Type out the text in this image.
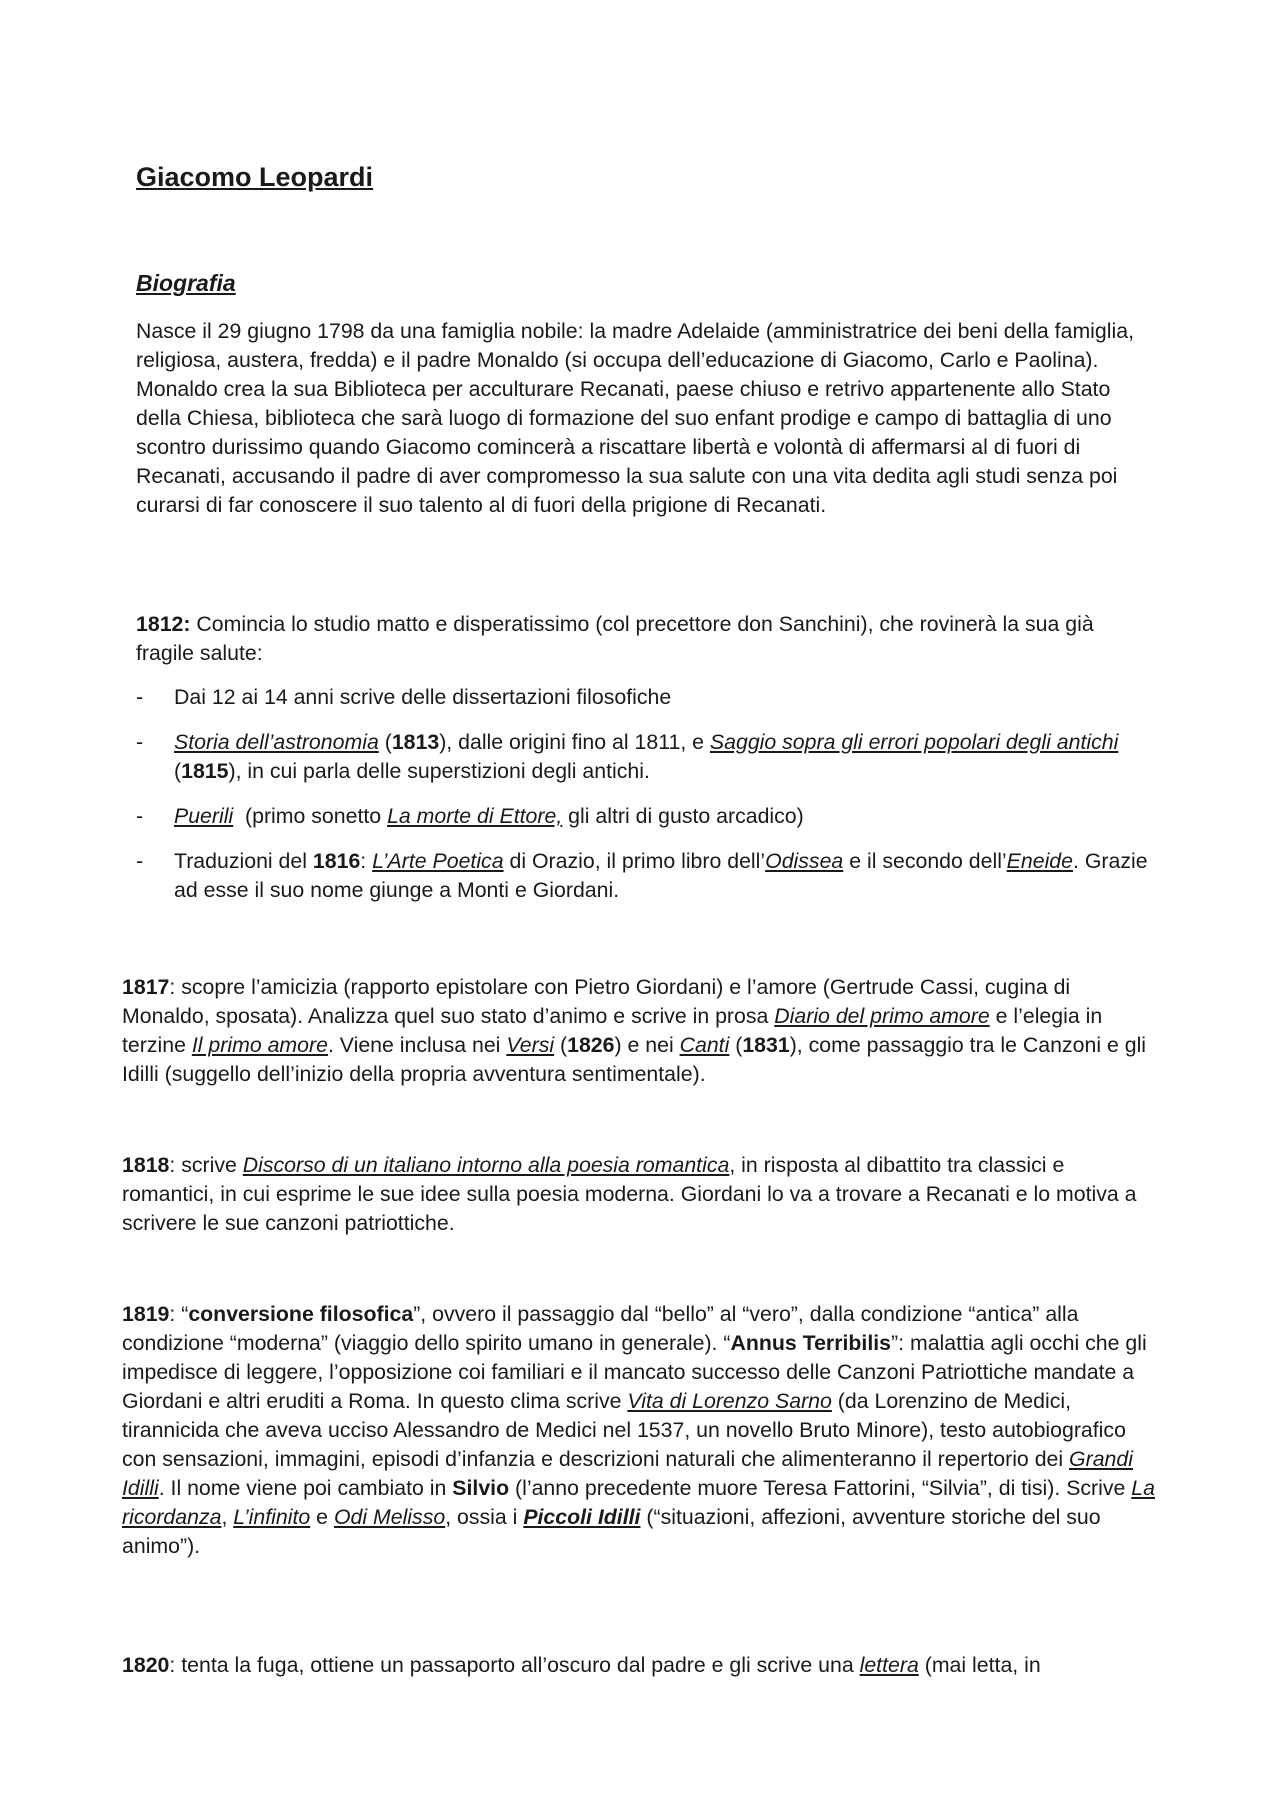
Giacomo Leopardi
Biografia

Nasce il 29 giugno 1798 da una famiglia nobile: la madre Adelaide (amministratrice dei beni della famiglia, religiosa, austera, fredda) e il padre Monaldo (si occupa dell’educazione di Giacomo, Carlo e Paolina). Monaldo crea la sua Biblioteca per acculturare Recanati, paese chiuso e retrivo appartenente allo Stato della Chiesa, biblioteca che sarà luogo di formazione del suo enfant prodige e campo di battaglia di uno scontro durissimo quando Giacomo comincerà a riscattare libertà e volontà di affermarsi al di fuori di Recanati, accusando il padre di aver compromesso la sua salute con una vita dedita agli studi senza poi curarsi di far conoscere il suo talento al di fuori della prigione di Recanati.

1812: Comincia lo studio matto e disperatissimo (col precettore don Sanchini), che rovinerà la sua già fragile salute:

- Dai 12 ai 14 anni scrive delle dissertazioni filosofiche
- Storia dell’astronomia (1813), dalle origini fino al 1811, e Saggio sopra gli errori popolari degli antichi (1815), in cui parla delle superstizioni degli antichi.
- Puerili  (primo sonetto La morte di Ettore, gli altri di gusto arcadico)
- Traduzioni del 1816: L’Arte Poetica di Orazio, il primo libro dell’Odissea e il secondo dell’Eneide. Grazie ad esse il suo nome giunge a Monti e Giordani.

1817: scopre l’amicizia (rapporto epistolare con Pietro Giordani) e l’amore (Gertrude Cassi, cugina di Monaldo, sposata). Analizza quel suo stato d’animo e scrive in prosa Diario del primo amore e l’elegia in terzine Il primo amore. Viene inclusa nei Versi (1826) e nei Canti (1831), come passaggio tra le Canzoni e gli Idilli (suggello dell’inizio della propria avventura sentimentale).

1818: scrive Discorso di un italiano intorno alla poesia romantica, in risposta al dibattito tra classici e romantici, in cui esprime le sue idee sulla poesia moderna. Giordani lo va a trovare a Recanati e lo motiva a scrivere le sue canzoni patriottiche.

1819: “conversione filosofica”, ovvero il passaggio dal “bello” al “vero”, dalla condizione “antica” alla condizione “moderna” (viaggio dello spirito umano in generale). “Annus Terribilis”: malattia agli occhi che gli impedisce di leggere, l’opposizione coi familiari e il mancato successo delle Canzoni Patriottiche mandate a Giordani e altri eruditi a Roma. In questo clima scrive Vita di Lorenzo Sarno (da Lorenzino de Medici, tirannicida che aveva ucciso Alessandro de Medici nel 1537, un novello Bruto Minore), testo autobiografico con sensazioni, immagini, episodi d’infanzia e descrizioni naturali che alimenteranno il repertorio dei Grandi Idilli. Il nome viene poi cambiato in Silvio (l’anno precedente muore Teresa Fattorini, “Silvia”, di tisi). Scrive La ricordanza, L’infinito e Odi Melisso, ossia i Piccoli Idilli (“situazioni, affezioni, avventure storiche del suo animo”).

1820: tenta la fuga, ottiene un passaporto all’oscuro dal padre e gli scrive una lettera (mai letta, in
